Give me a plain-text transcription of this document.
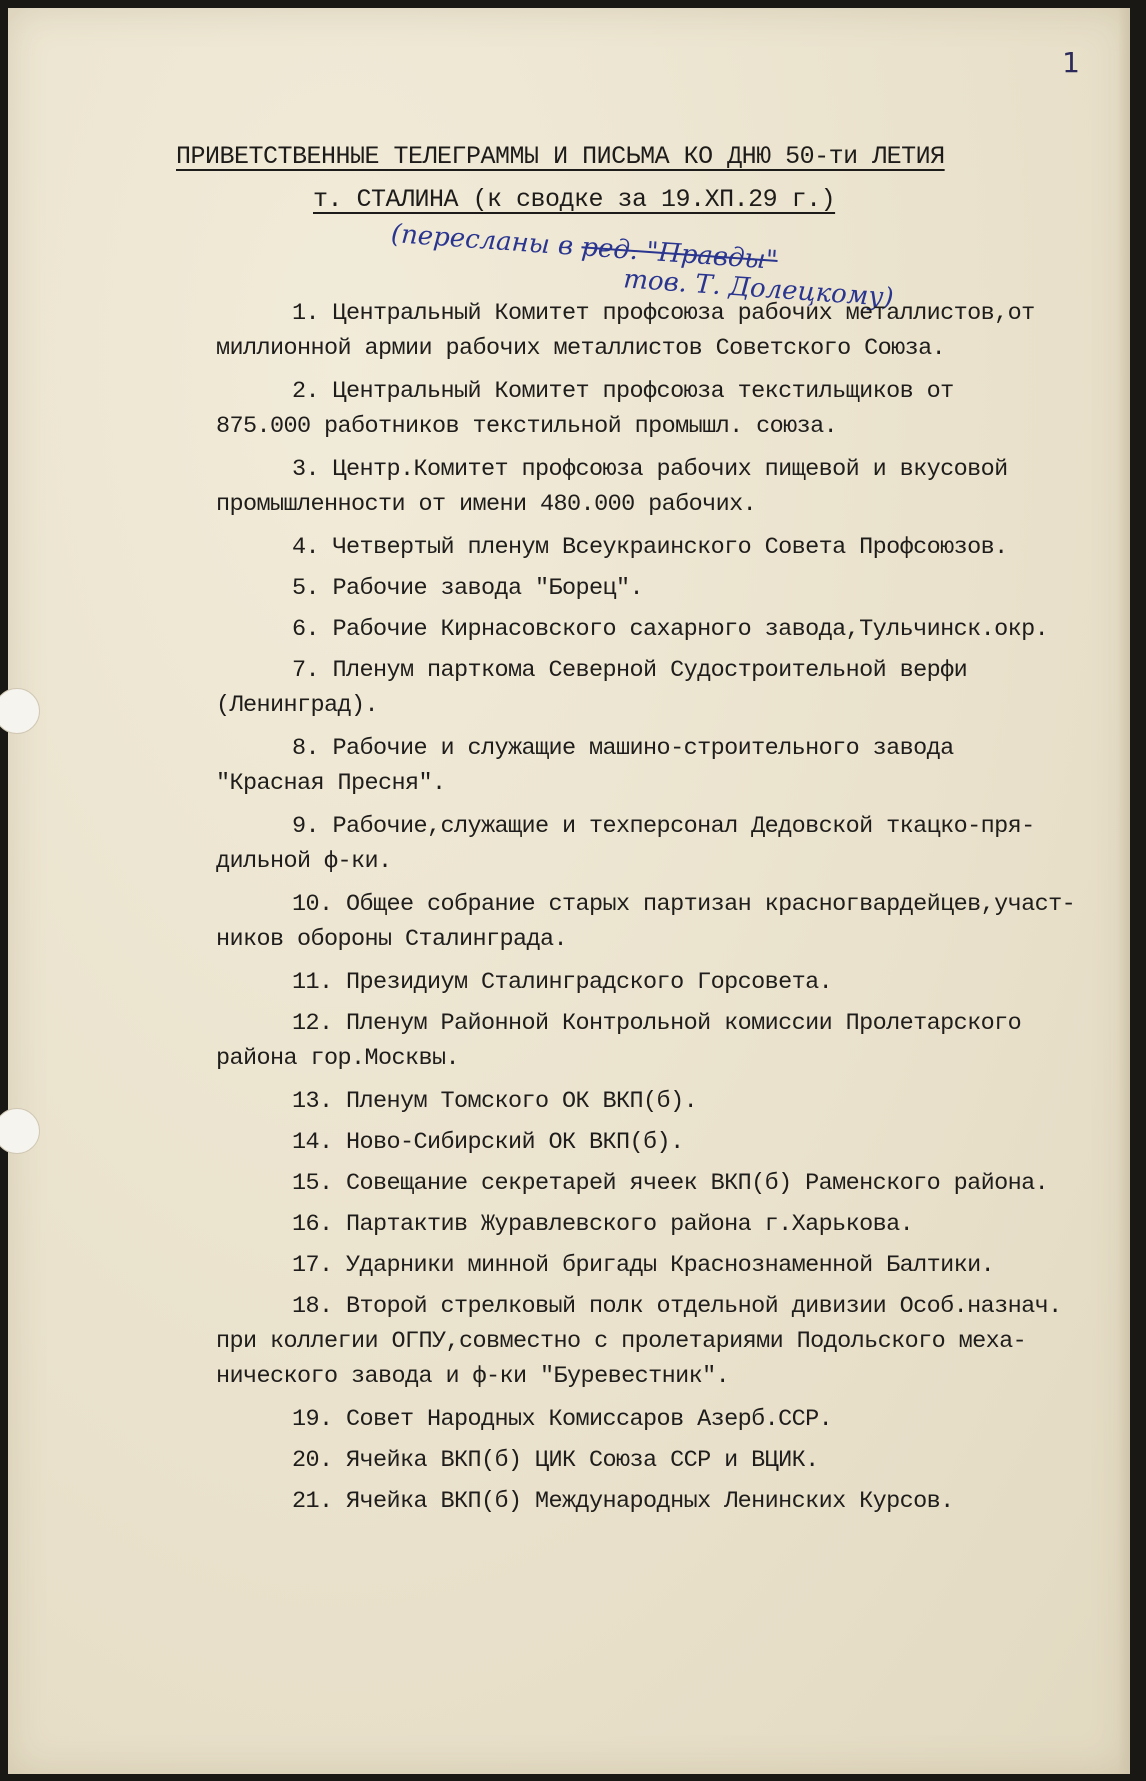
1
ПРИВЕТСТВЕННЫЕ ТЕЛЕГРАММЫ И ПИСЬМА КО ДНЮ 50-ти ЛЕТИЯ
т. СТАЛИНА (к сводке за 19.ХП.29 г.)
(пересланы в ред. "Правды"
тов. Т. Долецкому)
1. Центральный Комитет профсоюза рабочих металлистов,от
миллионной армии рабочих металлистов Советского Союза.
2. Центральный Комитет профсоюза текстильщиков от
875.000 работников текстильной промышл. союза.
3. Центр.Комитет профсоюза рабочих пищевой и вкусовой
промышленности от имени 480.000 рабочих.
4. Четвертый пленум Всеукраинского Совета Профсоюзов.
5. Рабочие завода "Борец".
6. Рабочие Кирнасовского сахарного завода,Тульчинск.окр.
7. Пленум парткома Северной Судостроительной верфи
(Ленинград).
8. Рабочие и служащие машино-строительного завода
"Красная Пресня".
9. Рабочие,служащие и техперсонал Дедовской ткацко-пря-
дильной ф-ки.
10. Общее собрание старых партизан красногвардейцев,участ-
ников обороны Сталинграда.
11. Президиум Сталинградского Горсовета.
12. Пленум Районной Контрольной комиссии Пролетарского
района гор.Москвы.
13. Пленум Томского ОК ВКП(б).
14. Ново-Сибирский ОК ВКП(б).
15. Совещание секретарей ячеек ВКП(б) Раменского района.
16. Партактив Журавлевского района г.Харькова.
17. Ударники минной бригады Краснознаменной Балтики.
18. Второй стрелковый полк отдельной дивизии Особ.назнач.
при коллегии ОГПУ,совместно с пролетариями Подольского меха-
нического завода и ф-ки "Буревестник".
19. Совет Народных Комиссаров Азерб.ССР.
20. Ячейка ВКП(б) ЦИК Союза ССР и ВЦИК.
21. Ячейка ВКП(б) Международных Ленинских Курсов.
